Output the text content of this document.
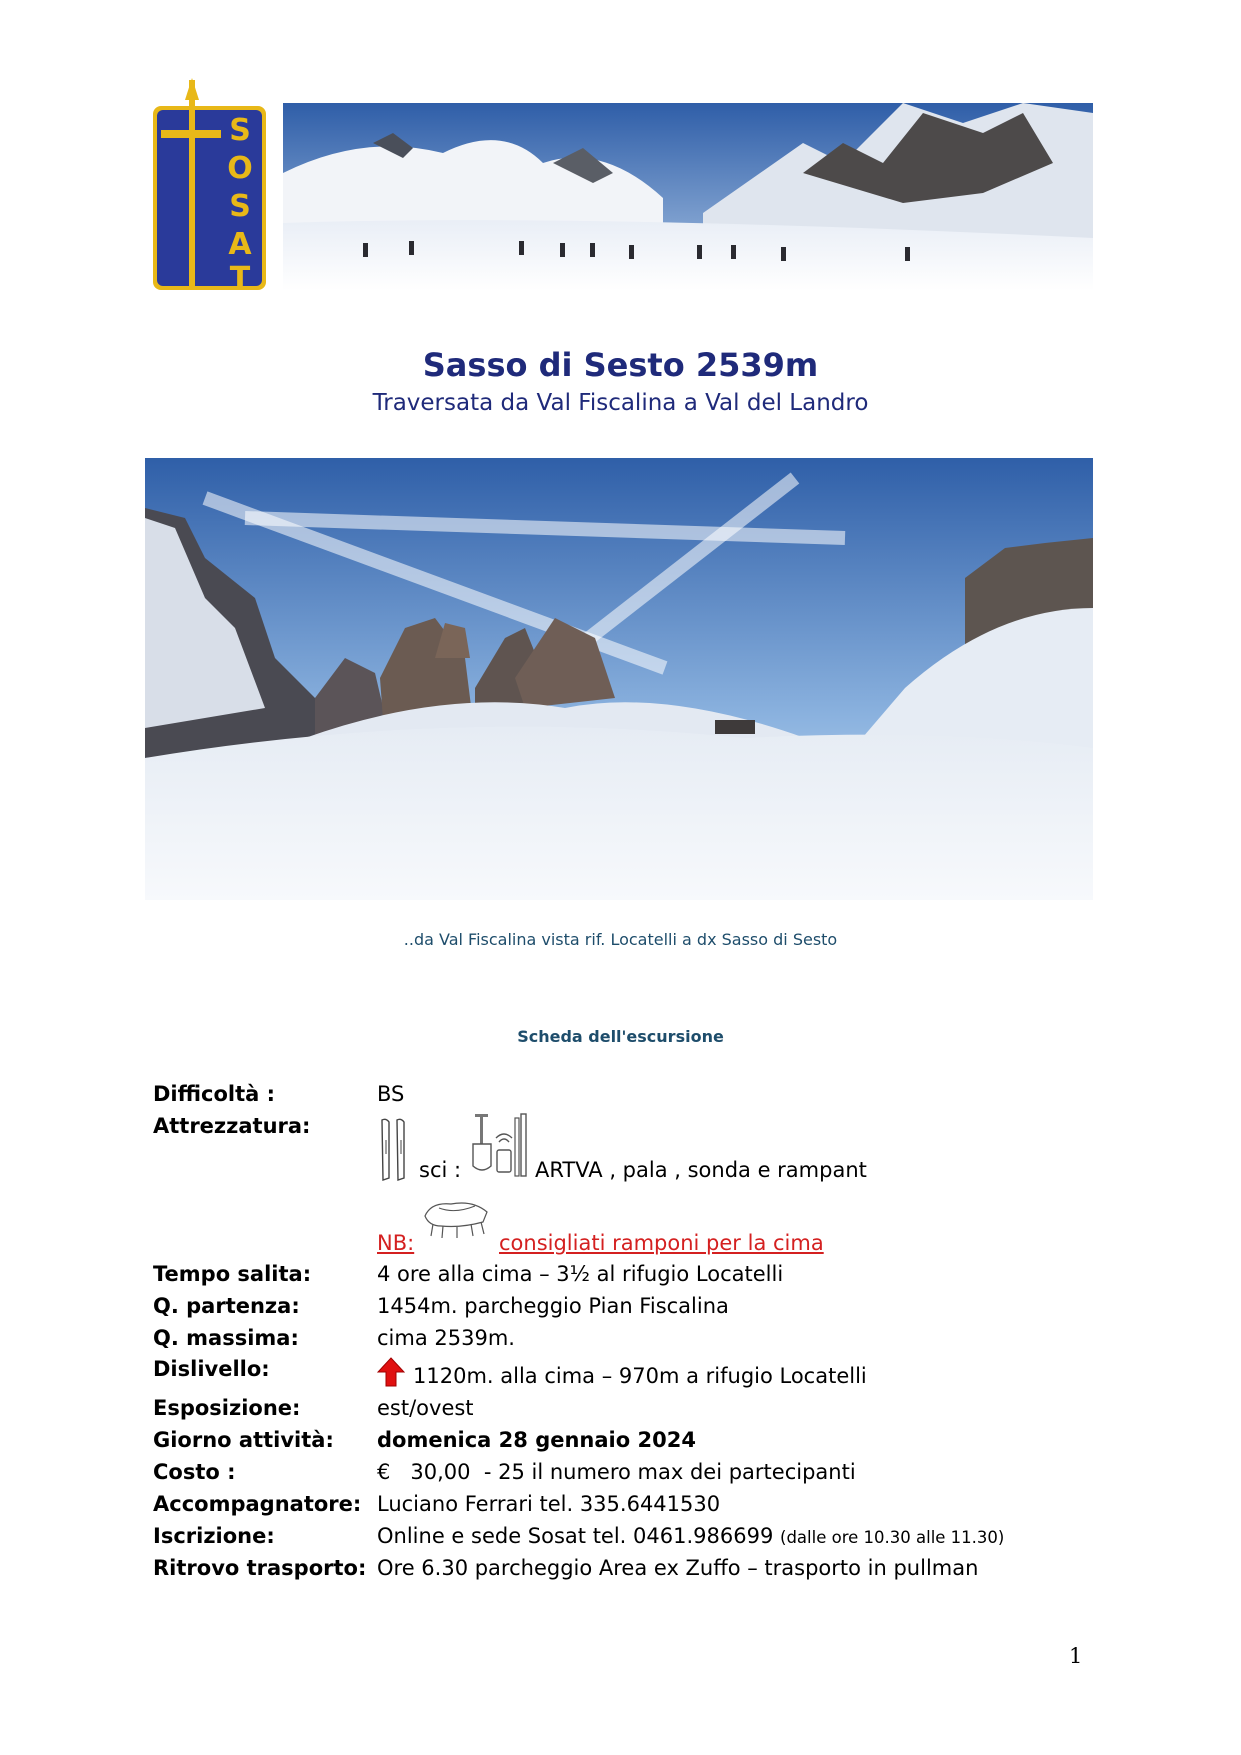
S
O
S
A
T
Sasso di Sesto 2539m
Traversata da Val Fiscalina a Val del Landro
..da Val Fiscalina vista rif. Locatelli a dx Sasso di Sesto
Scheda dell'escursione
Difficoltà :	BS
Attrezzatura:
sci :	ARTVA , pala , sonda e rampant
NB:	consigliati ramponi per la cima
Tempo salita:	4 ore alla cima – 3½ al rifugio Locatelli
Q. partenza:	1454m. parcheggio Pian Fiscalina
Q. massima:	cima 2539m.
Dislivello:	1120m. alla cima – 970m a rifugio Locatelli
Esposizione:	est/ovest
Giorno attività: domenica 28 gennaio 2024
Costo :	€   30,00  - 25 il numero max dei partecipanti
Accompagnatore: Luciano Ferrari tel. 335.6441530
Iscrizione:	Online e sede Sosat tel. 0461.986699 (dalle ore 10.30 alle 11.30)
Ritrovo trasporto: Ore 6.30 parcheggio Area ex Zuffo – trasporto in pullman
1
